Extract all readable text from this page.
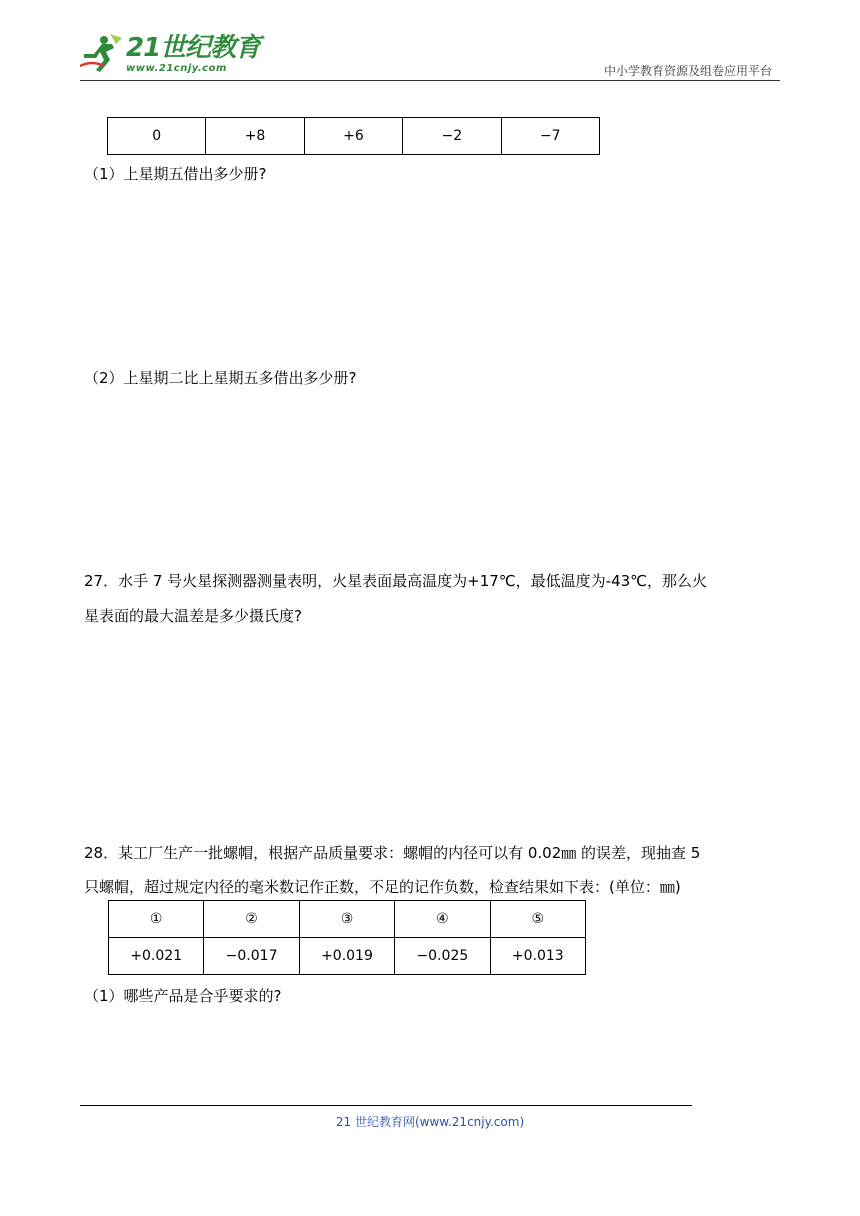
21世纪教育
www.21cnjy.com	中小学教育资源及组卷应用平台
0	+8	+6	−2	−7
（1）上星期五借出多少册?
（2）上星期二比上星期五多借出多少册?
27．水手 7 号火星探测器测量表明，火星表面最高温度为+17℃，最低温度为-43℃，那么火
星表面的最大温差是多少摄氏度?
28．某工厂生产一批螺帽，根据产品质量要求：螺帽的内径可以有 0.02㎜ 的误差，现抽查 5
只螺帽，超过规定内径的毫米数记作正数，不足的记作负数，检查结果如下表：(单位：㎜)
①	②	③	④	⑤
+0.021	−0.017	+0.019	−0.025	+0.013
（1）哪些产品是合乎要求的?
21 世纪教育网(www.21cnjy.com)
